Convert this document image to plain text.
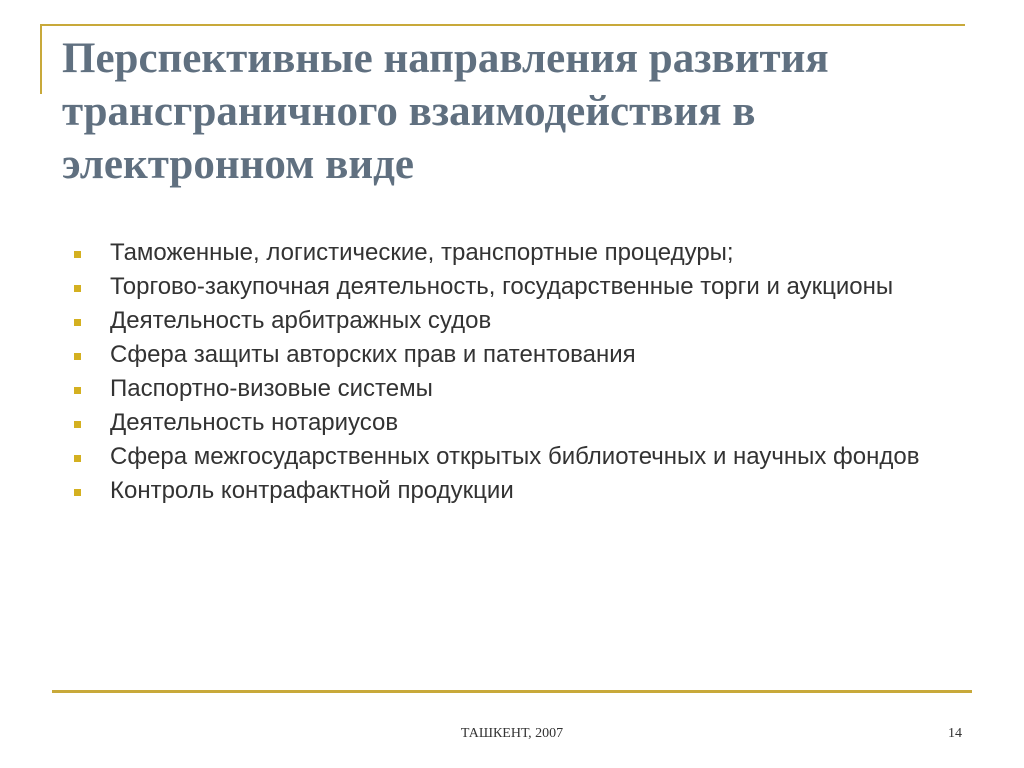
Перспективные направления развития трансграничного взаимодействия в электронном виде
Таможенные, логистические, транспортные процедуры;
Торгово-закупочная деятельность, государственные торги и аукционы
Деятельность арбитражных судов
Сфера защиты авторских прав и патентования
Паспортно-визовые системы
Деятельность нотариусов
Сфера межгосударственных открытых библиотечных и научных фондов
Контроль контрафактной продукции
ТАШКЕНТ, 2007	14
